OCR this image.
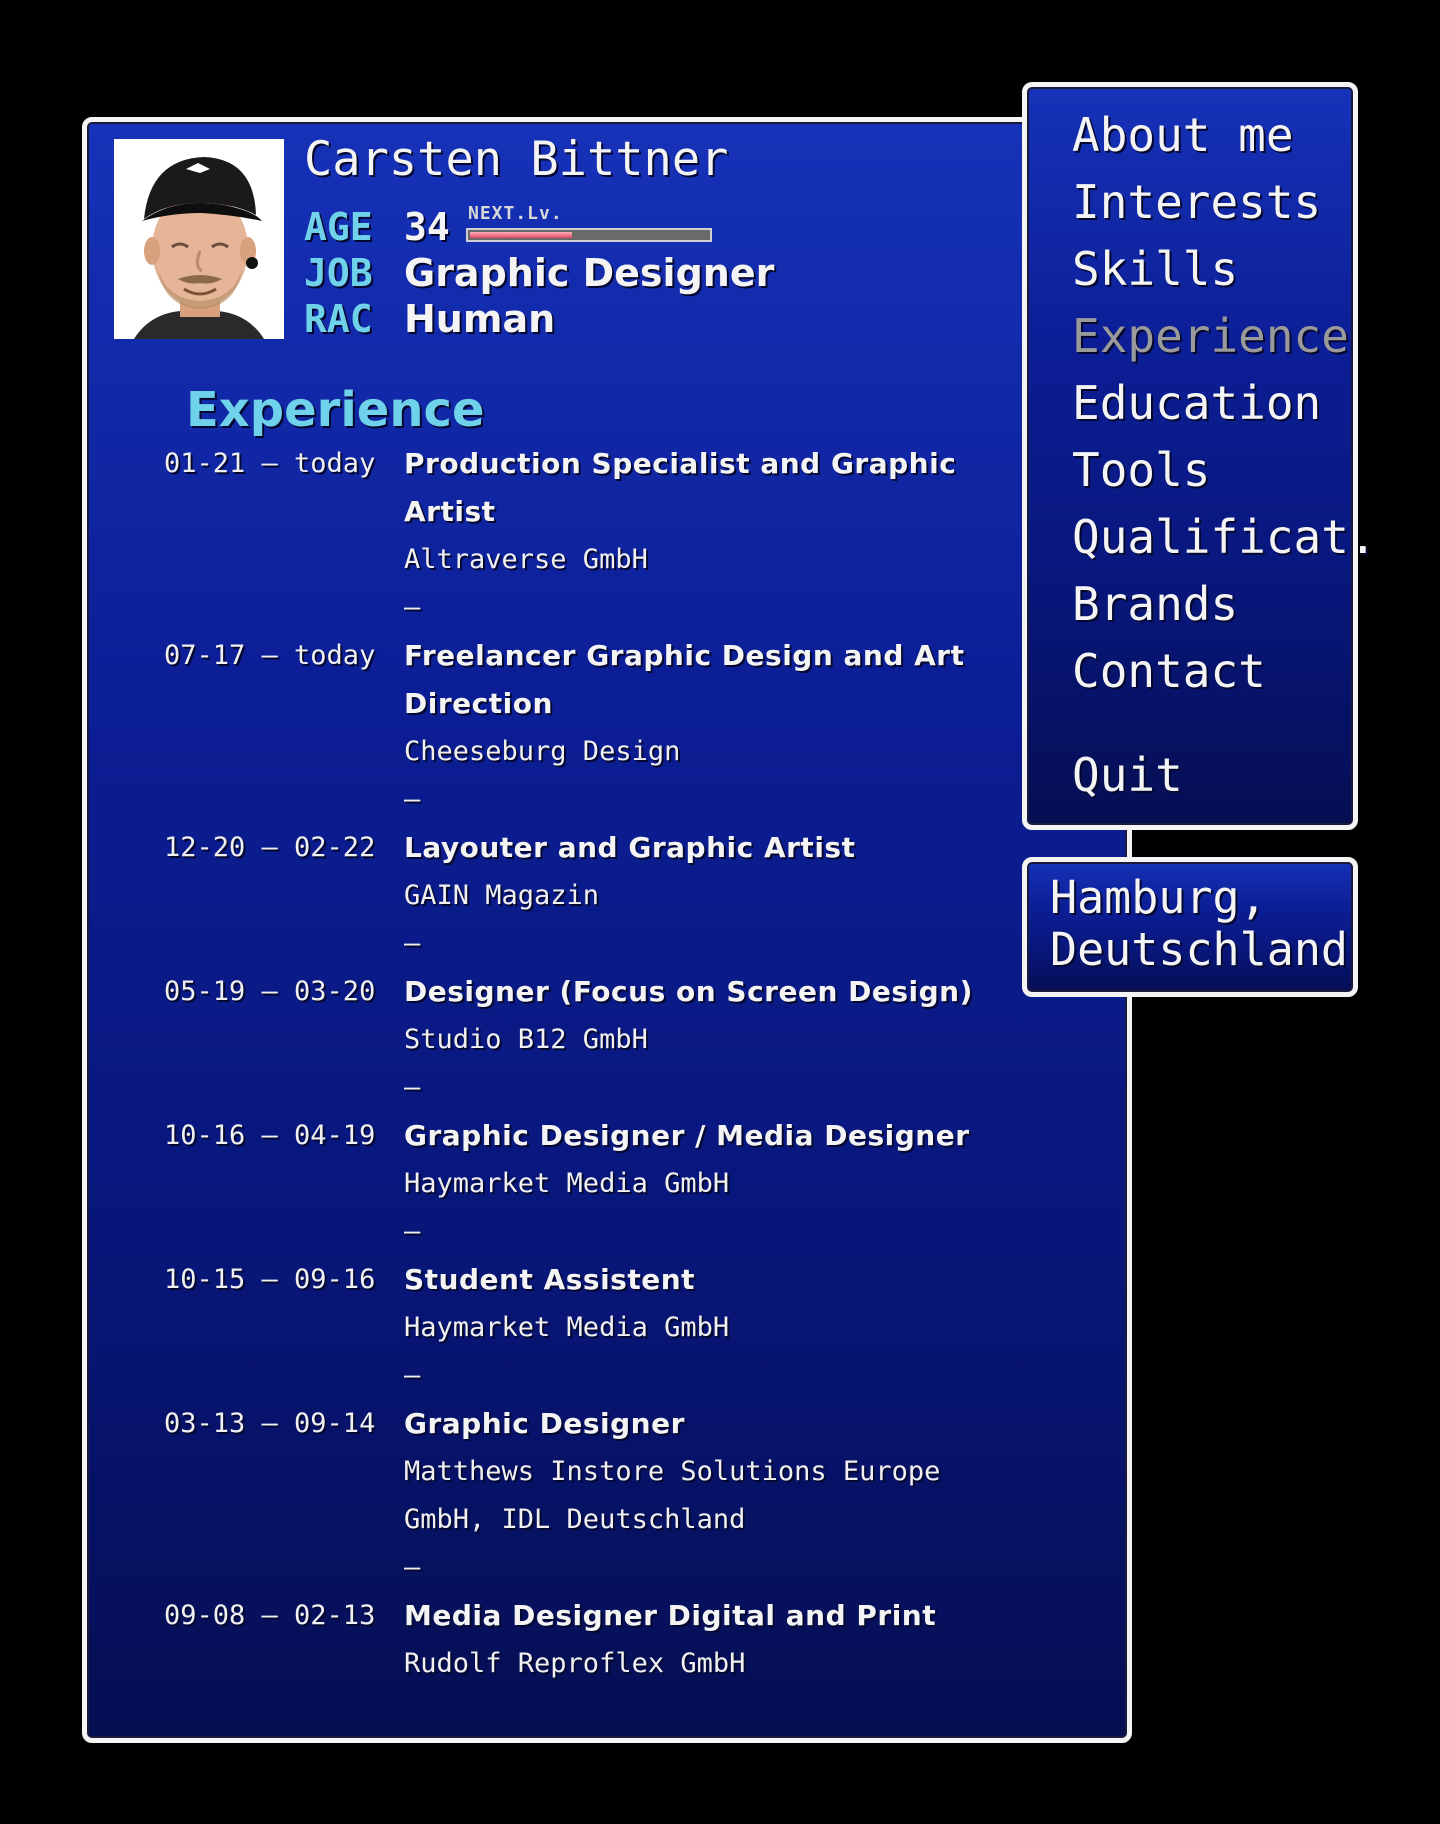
Carsten Bittner
AGE 34 NEXT.Lv.
JOB Graphic Designer
RAC Human
Experience
01-21 – today Production Specialist and Graphic Artist
Altraverse GmbH
–
07-17 – today Freelancer Graphic Design and Art Direction
Cheeseburg Design
–
12-20 – 02-22 Layouter and Graphic Artist
GAIN Magazin
–
05-19 – 03-20 Designer (Focus on Screen Design)
Studio B12 GmbH
–
10-16 – 04-19 Graphic Designer / Media Designer
Haymarket Media GmbH
–
10-15 – 09-16 Student Assistent
Haymarket Media GmbH
–
03-13 – 09-14 Graphic Designer
Matthews Instore Solutions Europe GmbH, IDL Deutschland
–
09-08 – 02-13 Media Designer Digital and Print
Rudolf Reproflex GmbH
About me
Interests
Skills
Experience
Education
Tools
Qualificat.
Brands
Contact
Quit
Hamburg,
Deutschland
